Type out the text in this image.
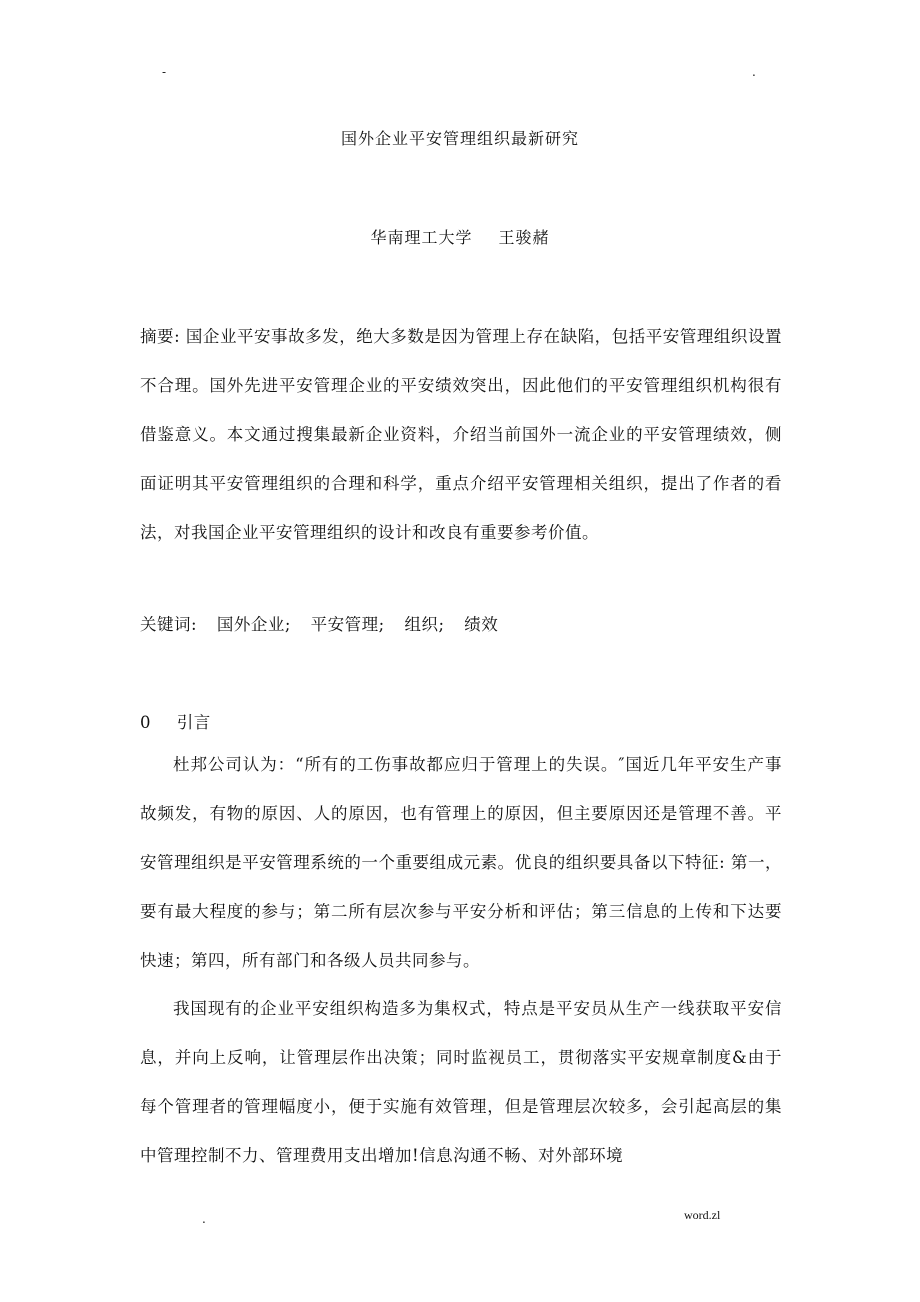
-	.
国外企业平安管理组织最新研究
华南理工大学 王骏赭
摘要: 国企业平安事故多发，绝大多数是因为管理上存在缺陷，包括平安管理组织设置不合理。国外先进平安管理企业的平安绩效突出，因此他们的平安管理组织机构很有借鉴意义。本文通过搜集最新企业资料，介绍当前国外一流企业的平安管理绩效，侧面证明其平安管理组织的合理和科学，重点介绍平安管理相关组织，提出了作者的看法，对我国企业平安管理组织的设计和改良有重要参考价值。
关键词: 国外企业; 平安管理; 组织; 绩效
0 引言
杜邦公司认为：“所有的工伤事故都应归于管理上的失误。″国近几年平安生产事故频发，有物的原因、人的原因，也有管理上的原因，但主要原因还是管理不善。平安管理组织是平安管理系统的一个重要组成元素。优良的组织要具备以下特征: 第一，要有最大程度的参与；第二所有层次参与平安分析和评估；第三信息的上传和下达要快速；第四，所有部门和各级人员共同参与。
我国现有的企业平安组织构造多为集权式，特点是平安员从生产一线获取平安信息，并向上反响，让管理层作出决策；同时监视员工，贯彻落实平安规章制度&由于每个管理者的管理幅度小，便于实施有效管理，但是管理层次较多，会引起高层的集中管理控制不力、管理费用支出增加!信息沟通不畅、对外部环境
.	word.zl
